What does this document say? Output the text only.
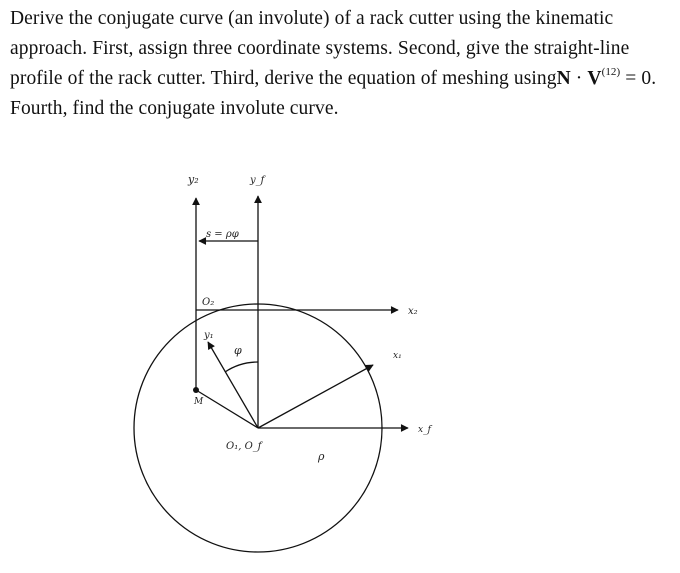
Derive the conjugate curve (an involute) of a rack cutter using the kinematic

approach. First, assign three coordinate systems. Second, give the straight-line

profile of the rack cutter. Third, derive the equation of meshing usingN · $V^{(12)} = 0$.

Fourth, find the conjugate involute curve.

y₂	y_f
s = ρφ
O₂
x₂
y₁
φ	x₁
M
x_f
O₁, O_f
ρ
